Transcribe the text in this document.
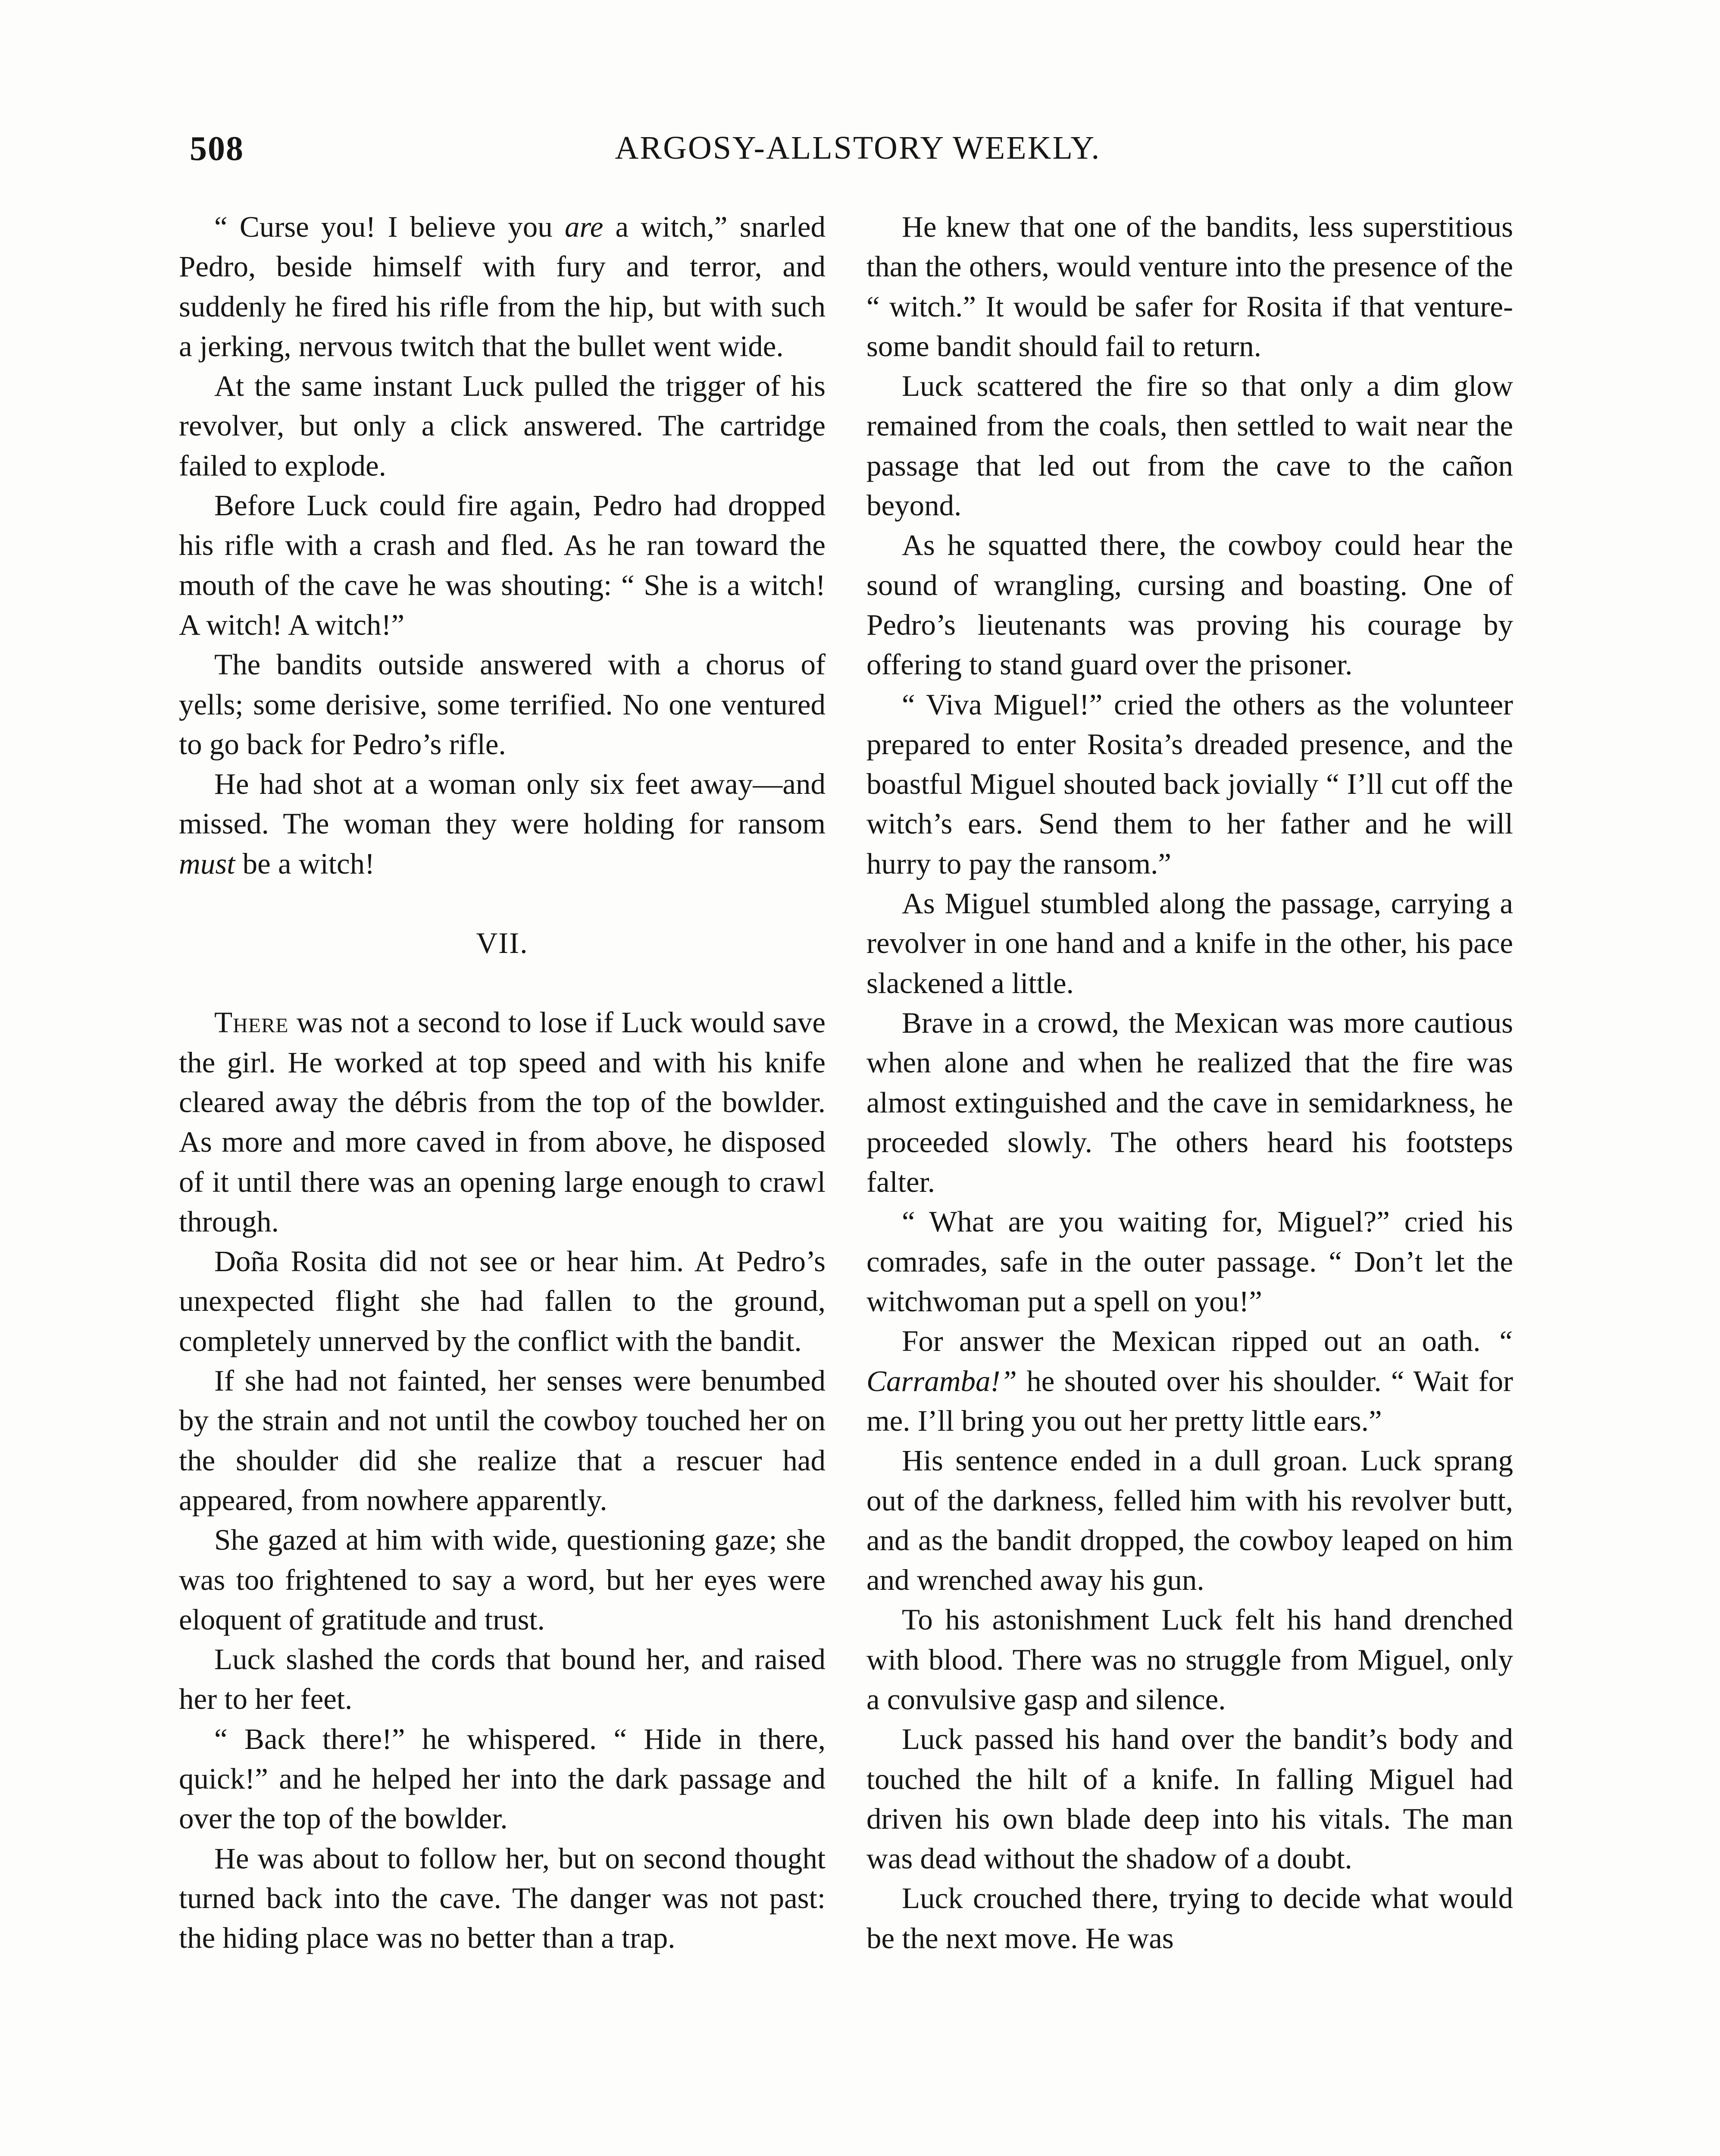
508	ARGOSY-ALLSTORY WEEKLY.

“ Curse you! I believe you are a witch,” snarled Pedro, beside himself with fury and terror, and suddenly he fired his rifle from the hip, but with such a jerking, nervous twitch that the bullet went wide.

At the same instant Luck pulled the trigger of his revolver, but only a click answered. The cartridge failed to explode.

Before Luck could fire again, Pedro had dropped his rifle with a crash and fled. As he ran toward the mouth of the cave he was shouting: “ She is a witch! A witch! A witch!”

The bandits outside answered with a chorus of yells; some derisive, some terrified. No one ventured to go back for Pedro’s rifle.

He had shot at a woman only six feet away—and missed. The woman they were holding for ransom must be a witch!

VII.

There was not a second to lose if Luck would save the girl. He worked at top speed and with his knife cleared away the débris from the top of the bowlder. As more and more caved in from above, he disposed of it until there was an opening large enough to crawl through.

Doña Rosita did not see or hear him. At Pedro’s unexpected flight she had fallen to the ground, completely unnerved by the conflict with the bandit.

If she had not fainted, her senses were benumbed by the strain and not until the cowboy touched her on the shoulder did she realize that a rescuer had appeared, from nowhere apparently.

She gazed at him with wide, questioning gaze; she was too frightened to say a word, but her eyes were eloquent of gratitude and trust.

Luck slashed the cords that bound her, and raised her to her feet.

“ Back there!” he whispered. “ Hide in there, quick!” and he helped her into the dark passage and over the top of the bowlder.

He was about to follow her, but on second thought turned back into the cave. The danger was not past: the hiding place was no better than a trap.

He knew that one of the bandits, less superstitious than the others, would venture into the presence of the “ witch.” It would be safer for Rosita if that venturesome bandit should fail to return.

Luck scattered the fire so that only a dim glow remained from the coals, then settled to wait near the passage that led out from the cave to the cañon beyond.

As he squatted there, the cowboy could hear the sound of wrangling, cursing and boasting. One of Pedro’s lieutenants was proving his courage by offering to stand guard over the prisoner.

“ Viva Miguel!” cried the others as the volunteer prepared to enter Rosita’s dreaded presence, and the boastful Miguel shouted back jovially “ I’ll cut off the witch’s ears. Send them to her father and he will hurry to pay the ransom.”

As Miguel stumbled along the passage, carrying a revolver in one hand and a knife in the other, his pace slackened a little.

Brave in a crowd, the Mexican was more cautious when alone and when he realized that the fire was almost extinguished and the cave in semidarkness, he proceeded slowly. The others heard his footsteps falter.

“ What are you waiting for, Miguel?” cried his comrades, safe in the outer passage. “ Don’t let the witchwoman put a spell on you!”

For answer the Mexican ripped out an oath. “ Carramba!” he shouted over his shoulder. “ Wait for me. I’ll bring you out her pretty little ears.”

His sentence ended in a dull groan. Luck sprang out of the darkness, felled him with his revolver butt, and as the bandit dropped, the cowboy leaped on him and wrenched away his gun.

To his astonishment Luck felt his hand drenched with blood. There was no struggle from Miguel, only a convulsive gasp and silence.

Luck passed his hand over the bandit’s body and touched the hilt of a knife. In falling Miguel had driven his own blade deep into his vitals. The man was dead without the shadow of a doubt.

Luck crouched there, trying to decide what would be the next move. He was
